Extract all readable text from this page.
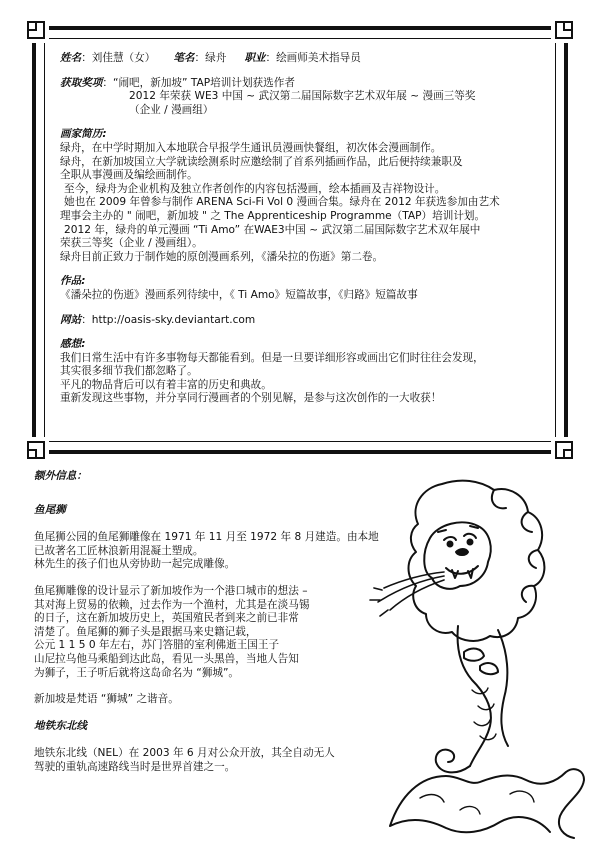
姓名：刘佳慧（女） 笔名：绿舟 职业：绘画师美术指导员

获取奖项：“闹吧，新加坡” TAP培训计划获选作者

2012 年荣获 WE3 中国 ~ 武汉第二届国际数字艺术双年展 ~ 漫画三等奖

（企业 / 漫画组）

画家简历:

绿舟，在中学时期加入本地联合早报学生通讯员漫画快餐组，初次体会漫画制作。

绿舟，在新加坡国立大学就读绘测系时应邀绘制了首系列插画作品，此后便持续兼职及

全职从事漫画及编绘画制作。

至今，绿舟为企业机构及独立作者创作的内容包括漫画，绘本插画及吉祥物设计。

她也在 2009 年曾参与制作 ARENA Sci-Fi Vol 0 漫画合集。绿舟在 2012 年获选参加由艺术

理事会主办的 " 闹吧，新加坡 " 之 The Apprenticeship Programme（TAP）培训计划。

2012 年，绿舟的单元漫画 “Ti Amo” 在WAE3中国 ~ 武汉第二届国际数字艺术双年展中

荣获三等奖（企业 / 漫画组）。

绿舟目前正致力于制作她的原创漫画系列，《潘朵拉的伤逝》第二卷。

作品:

《潘朵拉的伤逝》漫画系列待续中，《 Ti Amo》短篇故事，《归路》短篇故事

网站：http://oasis-sky.deviantart.com

感想:

我们日常生活中有许多事物每天都能看到。但是一旦要详细形容或画出它们时往往会发现，

其实很多细节我们都忽略了。

平凡的物品背后可以有着丰富的历史和典故。

重新发现这些事物，并分享同行漫画者的个别见解，是参与这次创作的一大收获！

额外信息：

鱼尾狮

鱼尾狮公园的鱼尾狮雕像在 1971 年 11 月至 1972 年 8 月建造。由本地

已故著名工匠林浪新用混凝土塑成。

林先生的孩子们也从旁协助一起完成雕像。

鱼尾狮雕像的设计显示了新加坡作为一个港口城市的想法 –

其对海上贸易的依赖，过去作为一个渔村，尤其是在淡马锡

的日子，这在新加坡历史上，英国殖民者到来之前已非常

清楚了。鱼尾狮的狮子头是跟据马来史籍记载，

公元 1 1 5 0 年左右，苏门答腊的室利佛逝王国王子

山尼拉乌他马乘船到达此岛，看见一头黑兽，当地人告知

为狮子，王子听后就将这岛命名为 “狮城”。

新加坡是梵语 “狮城” 之谐音。

地铁东北线

地铁东北线（NEL）在 2003 年 6 月对公众开放，其全自动无人

驾驶的重轨高速路线当时是世界首建之一。
